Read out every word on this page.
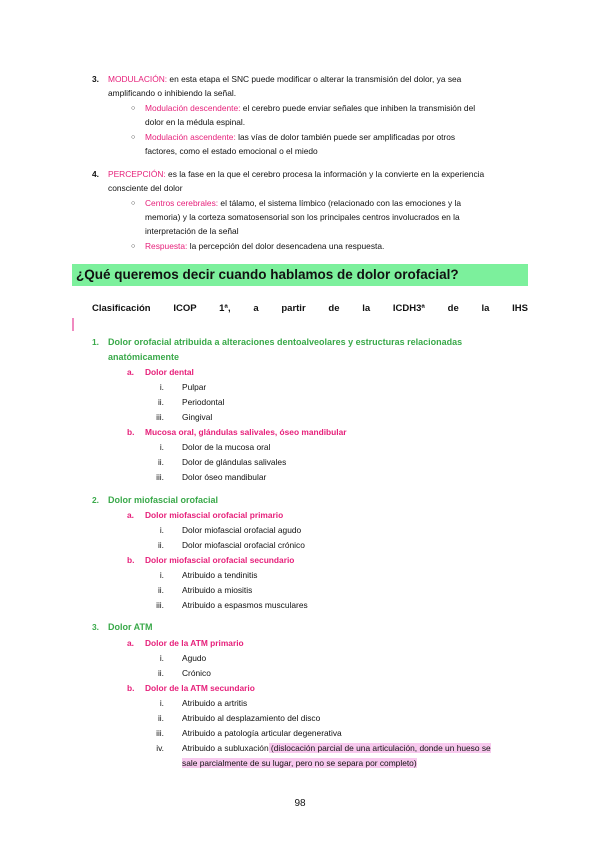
3. MODULACIÓN: en esta etapa el SNC puede modificar o alterar la transmisión del dolor, ya sea
amplificando o inhibiendo la señal.
○ Modulación descendente: el cerebro puede enviar señales que inhiben la transmisión del
dolor en la médula espinal.
○ Modulación ascendente: las vías de dolor también puede ser amplificadas por otros
factores, como el estado emocional o el miedo
4. PERCEPCIÓN: es la fase en la que el cerebro procesa la información y la convierte en la experiencia
consciente del dolor
○ Centros cerebrales: el tálamo, el sistema límbico (relacionado con las emociones y la
memoria) y la corteza somatosensorial son los principales centros involucrados en la
interpretación de la señal
○ Respuesta: la percepción del dolor desencadena una respuesta.
¿Qué queremos decir cuando hablamos de dolor orofacial?
Clasificación ICOP 1ª, a partir de la ICDH3ª de la IHS
1. Dolor orofacial atribuida a alteraciones dentoalveolares y estructuras relacionadas
anatómicamente
a. Dolor dental
i. Pulpar
ii. Periodontal
iii. Gingival
b. Mucosa oral, glándulas salivales, óseo mandibular
i. Dolor de la mucosa oral
ii. Dolor de glándulas salivales
iii. Dolor óseo mandibular
2. Dolor miofascial orofacial
a. Dolor miofascial orofacial primario
i. Dolor miofascial orofacial agudo
ii. Dolor miofascial orofacial crónico
b. Dolor miofascial orofacial secundario
i. Atribuido a tendinitis
ii. Atribuido a miositis
iii. Atribuido a espasmos musculares
3. Dolor ATM
a. Dolor de la ATM primario
i. Agudo
ii. Crónico
b. Dolor de la ATM secundario
i. Atribuido a artritis
ii. Atribuido al desplazamiento del disco
iii. Atribuido a patología articular degenerativa
iv. Atribuido a subluxación (dislocación parcial de una articulación, donde un hueso se
sale parcialmente de su lugar, pero no se separa por completo)
98
